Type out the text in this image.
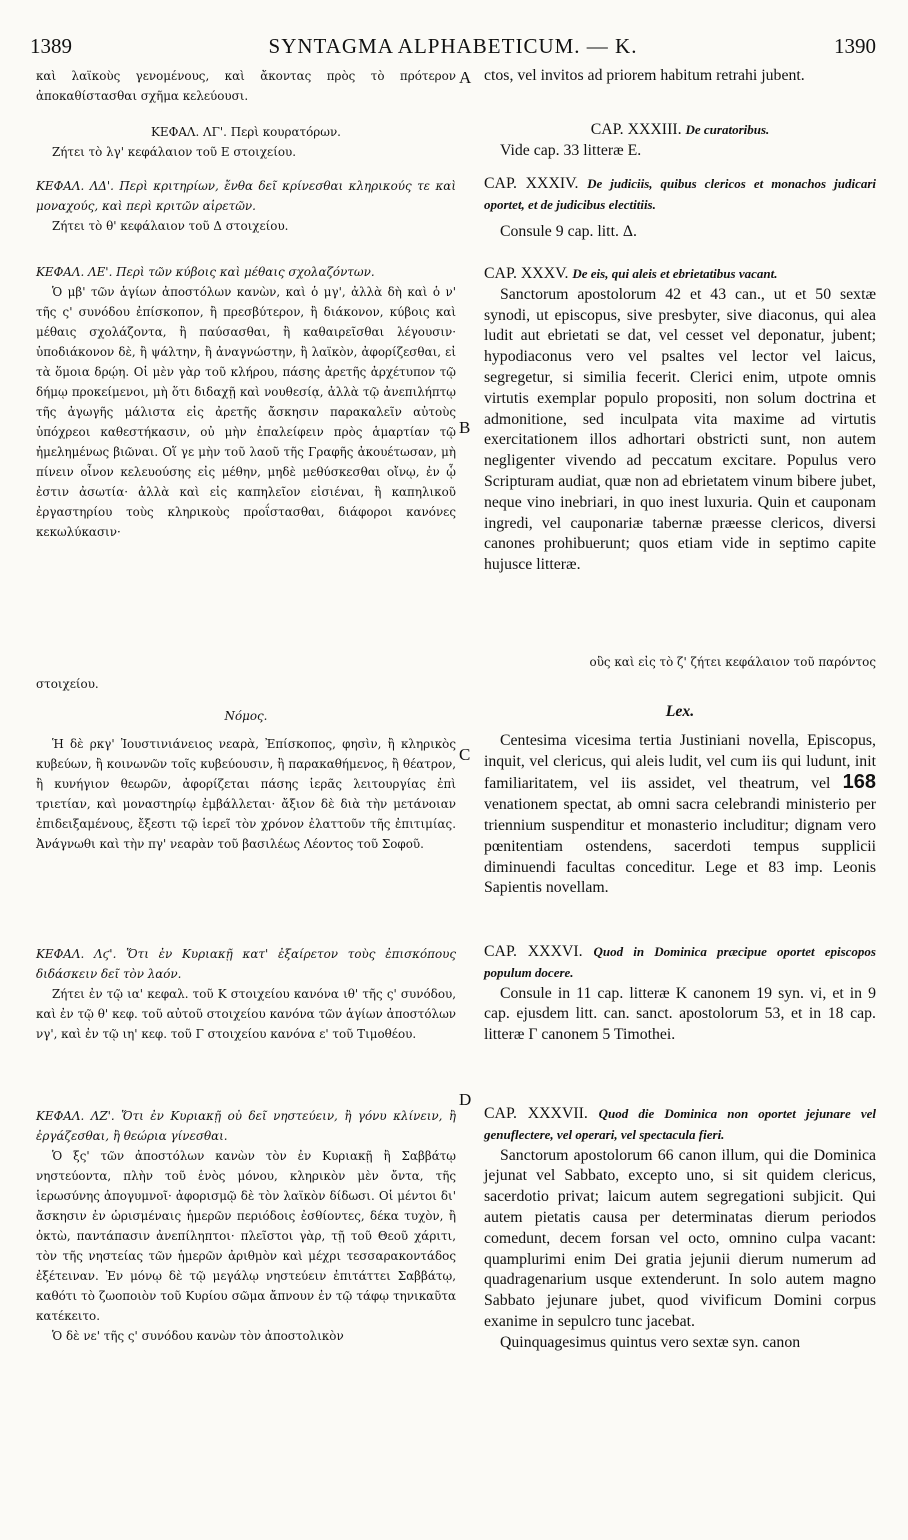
1389	SYNTAGMA ALPHABETICUM. — K.	1390
A
B
C
D

καὶ λαϊκοὺς γενομένους, καὶ ἄκοντας πρὸς τὸ πρότερον ἀποκαθίστασθαι σχῆμα κελεύουσι.

ΚΕΦΑΛ. ΛΓ'. Περὶ κουρατόρων.

Ζήτει τὸ λγ' κεφάλαιον τοῦ Ε στοιχείου.

ΚΕΦΑΛ. ΛΔ'. Περὶ κριτηρίων, ἔνθα δεῖ κρίνεσθαι κληρικούς τε καὶ μοναχούς, καὶ περὶ κριτῶν αἱρετῶν.

Ζήτει τὸ θ' κεφάλαιον τοῦ Δ στοιχείου.

ΚΕΦΑΛ. ΛΕ'. Περὶ τῶν κύβοις καὶ μέθαις σχολαζόντων.

Ὁ μβ' τῶν ἁγίων ἀποστόλων κανὼν, καὶ ὁ μγ', ἀλλὰ δὴ καὶ ὁ ν' τῆς ς' συνόδου ἐπίσκοπον, ἢ πρεσβύτερον, ἢ διάκονον, κύβοις καὶ μέθαις σχολάζοντα, ἢ παύσασθαι, ἢ καθαιρεῖσθαι λέγουσιν· ὑποδιάκονον δὲ, ἢ ψάλτην, ἢ ἀναγνώστην, ἢ λαϊκὸν, ἀφορίζεσθαι, εἰ τὰ ὅμοια δρῴη. Οἱ μὲν γὰρ τοῦ κλήρου, πάσης ἀρετῆς ἀρχέτυπον τῷ δήμῳ προκείμενοι, μὴ ὅτι διδαχῇ καὶ νουθεσίᾳ, ἀλλὰ τῷ ἀνεπιλήπτῳ τῆς ἀγωγῆς μάλιστα εἰς ἀρετῆς ἄσκησιν παρακαλεῖν αὐτοὺς ὑπόχρεοι καθεστήκασιν, οὐ μὴν ἐπαλείφειν πρὸς ἁμαρτίαν τῷ ἠμελημένως βιῶναι. Οἵ γε μὴν τοῦ λαοῦ τῆς Γραφῆς ἀκουέτωσαν, μὴ πίνειν οἶνον κελευούσης εἰς μέθην, μηδὲ μεθύσκεσθαι οἴνῳ, ἐν ᾧ ἐστιν ἀσωτία· ἀλλὰ καὶ εἰς καπηλεῖον εἰσιέναι, ἢ καπηλικοῦ ἐργαστηρίου τοὺς κληρικοὺς προΐστασθαι, διάφοροι κανόνες κεκωλύκασιν·

στοιχείου.

Νόμος.

Ἡ δὲ ρκγ' Ἰουστινιάνειος νεαρὰ, Ἐπίσκοπος, φησὶν, ἢ κληρικὸς κυβεύων, ἢ κοινωνῶν τοῖς κυβεύουσιν, ἢ παρακαθήμενος, ἢ θέατρον, ἢ κυνήγιον θεωρῶν, ἀφορίζεται πάσης ἱερᾶς λειτουργίας ἐπὶ τριετίαν, καὶ μοναστηρίῳ ἐμβάλλεται· ἄξιον δὲ διὰ τὴν μετάνοιαν ἐπιδειξαμένους, ἔξεστι τῷ ἱερεῖ τὸν χρόνον ἐλαττοῦν τῆς ἐπιτιμίας. Ἀνάγνωθι καὶ τὴν πγ' νεαρὰν τοῦ βασιλέως Λέοντος τοῦ Σοφοῦ.

ΚΕΦΑΛ. Λϛ'. Ὅτι ἐν Κυριακῇ κατ' ἐξαίρετον τοὺς ἐπισκόπους διδάσκειν δεῖ τὸν λαόν.

Ζήτει ἐν τῷ ια' κεφαλ. τοῦ Κ στοιχείου κανόνα ιθ' τῆς ς' συνόδου, καὶ ἐν τῷ θ' κεφ. τοῦ αὐτοῦ στοιχείου κανόνα τῶν ἁγίων ἀποστόλων νγ', καὶ ἐν τῷ ιη' κεφ. τοῦ Γ στοιχείου κανόνα ε' τοῦ Τιμοθέου.

ΚΕΦΑΛ. ΛΖ'. Ὅτι ἐν Κυριακῇ οὐ δεῖ νηστεύειν, ἢ γόνυ κλίνειν, ἢ ἐργάζεσθαι, ἢ θεώρια γίνεσθαι.

Ὁ ξς' τῶν ἀποστόλων κανὼν τὸν ἐν Κυριακῇ ἢ Σαββάτῳ νηστεύοντα, πλὴν τοῦ ἑνὸς μόνου, κληρικὸν μὲν ὄντα, τῆς ἱερωσύνης ἀπογυμνοῖ· ἀφορισμῷ δὲ τὸν λαϊκὸν δίδωσι. Οἱ μέντοι δι' ἄσκησιν ἐν ὡρισμέναις ἡμερῶν περιόδοις ἐσθίοντες, δέκα τυχὸν, ἢ ὀκτὼ, παντάπασιν ἀνεπίληπτοι· πλεῖστοι γὰρ, τῇ τοῦ Θεοῦ χάριτι, τὸν τῆς νηστείας τῶν ἡμερῶν ἀριθμὸν καὶ μέχρι τεσσαρακοντάδος ἐξέτειναν. Ἐν μόνῳ δὲ τῷ μεγάλῳ νηστεύειν ἐπιτάττει Σαββάτῳ, καθότι τὸ ζωοποιὸν τοῦ Κυρίου σῶμα ἄπνουν ἐν τῷ τάφῳ τηνικαῦτα κατέκειτο.

Ὁ δὲ νε' τῆς ς' συνόδου κανὼν τὸν ἀποστολικὸν

οὓς καὶ εἰς τὸ ζ' ζήτει κεφάλαιον τοῦ παρόντος

ctos, vel invitos ad priorem habitum retrahi jubent.

CAP. XXXIII. De curatoribus.

Vide cap. 33 litteræ E.

CAP. XXXIV. De judiciis, quibus clericos et monachos judicari oportet, et de judicibus electitiis.

Consule 9 cap. litt. Δ.

CAP. XXXV. De eis, qui aleis et ebrietatibus vacant.

Sanctorum apostolorum 42 et 43 can., ut et 50 sextæ synodi, ut episcopus, sive presbyter, sive diaconus, qui alea ludit aut ebrietati se dat, vel cesset vel deponatur, jubent; hypodiaconus vero vel psaltes vel lector vel laicus, segregetur, si similia fecerit. Clerici enim, utpote omnis virtutis exemplar populo propositi, non solum doctrina et admonitione, sed inculpata vita maxime ad virtutis exercitationem illos adhortari obstricti sunt, non autem negligenter vivendo ad peccatum excitare. Populus vero Scripturam audiat, quæ non ad ebrietatem vinum bibere jubet, neque vino inebriari, in quo inest luxuria. Quin et cauponam ingredi, vel cauponariæ tabernæ præesse clericos, diversi canones prohibuerunt; quos etiam vide in septimo capite hujusce litteræ.

Lex.

Centesima vicesima tertia Justiniani novella, Episcopus, inquit, vel clericus, qui aleis ludit, vel cum iis qui ludunt, init familiaritatem, vel iis assidet, vel theatrum, vel 168 venationem spectat, ab omni sacra celebrandi ministerio per triennium suspenditur et monasterio includitur; dignam vero pœnitentiam ostendens, sacerdoti tempus supplicii diminuendi facultas conceditur. Lege et 83 imp. Leonis Sapientis novellam.

CAP. XXXVI. Quod in Dominica præcipue oportet episcopos populum docere.

Consule in 11 cap. litteræ K canonem 19 syn. vi, et in 9 cap. ejusdem litt. can. sanct. apostolorum 53, et in 18 cap. litteræ Γ canonem 5 Timothei.

CAP. XXXVII. Quod die Dominica non oportet jejunare vel genuflectere, vel operari, vel spectacula fieri.

Sanctorum apostolorum 66 canon illum, qui die Dominica jejunat vel Sabbato, excepto uno, si sit quidem clericus, sacerdotio privat; laicum autem segregationi subjicit. Qui autem pietatis causa per determinatas dierum periodos comedunt, decem forsan vel octo, omnino culpa vacant: quamplurimi enim Dei gratia jejunii dierum numerum ad quadragenarium usque extenderunt. In solo autem magno Sabbato jejunare jubet, quod vivificum Domini corpus exanime in sepulcro tunc jacebat.

Quinquagesimus quintus vero sextæ syn. canon
